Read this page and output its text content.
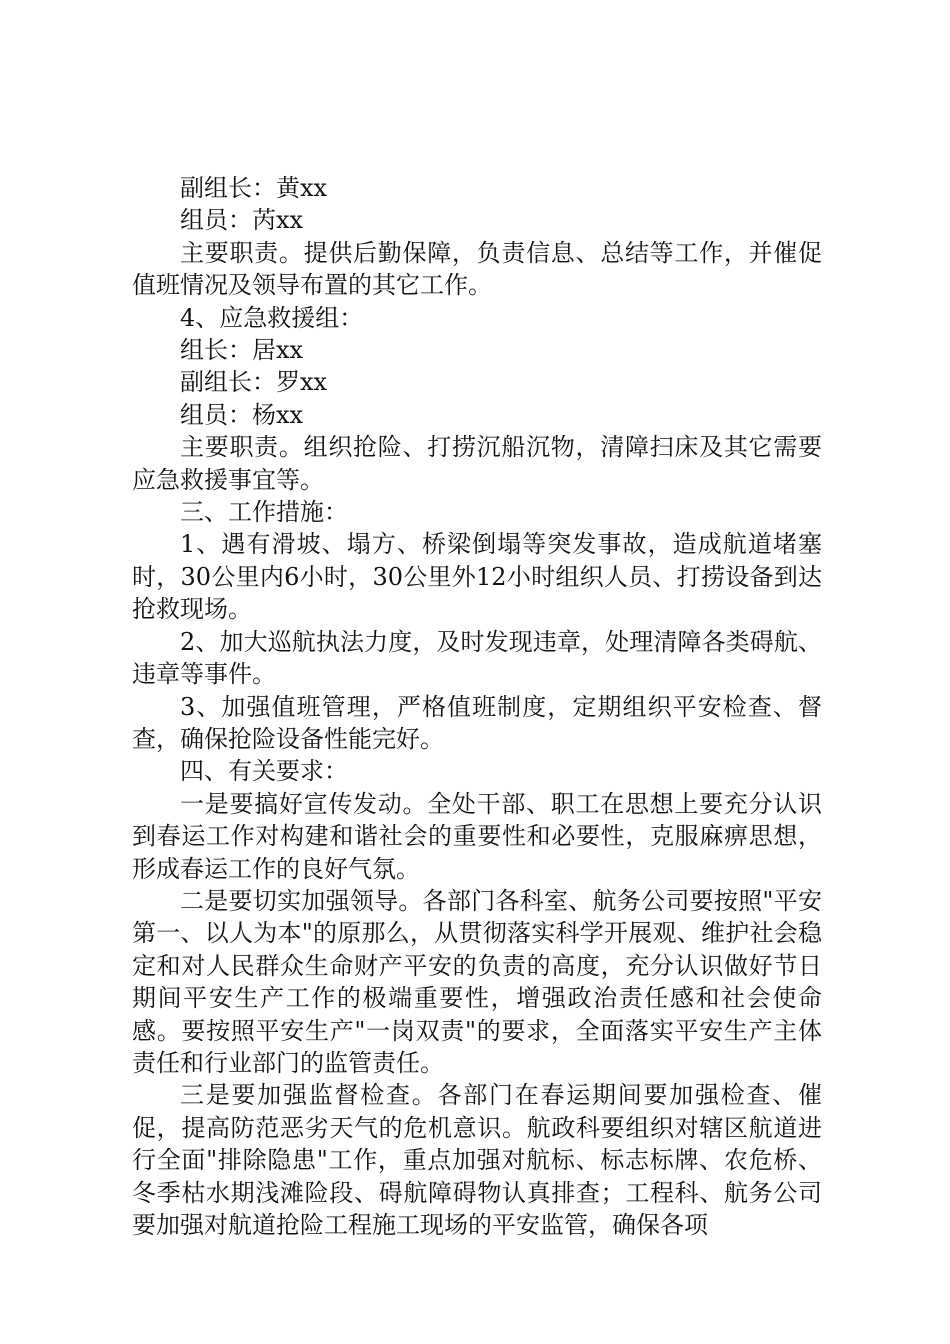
副组长：黄xx

组员：芮xx

主要职责。提供后勤保障，负责信息、总结等工作，并催促值班情况及领导布置的其它工作。

4、应急救援组：

组长：居xx

副组长：罗xx

组员：杨xx

主要职责。组织抢险、打捞沉船沉物，清障扫床及其它需要应急救援事宜等。

三、工作措施：

1、遇有滑坡、塌方、桥梁倒塌等突发事故，造成航道堵塞时，30公里内6小时，30公里外12小时组织人员、打捞设备到达抢救现场。

2、加大巡航执法力度，及时发现违章，处理清障各类碍航、违章等事件。

3、加强值班管理，严格值班制度，定期组织平安检查、督查，确保抢险设备性能完好。

四、有关要求：

一是要搞好宣传发动。全处干部、职工在思想上要充分认识到春运工作对构建和谐社会的重要性和必要性，克服麻痹思想，形成春运工作的良好气氛。

二是要切实加强领导。各部门各科室、航务公司要按照"平安第一、以人为本"的原那么，从贯彻落实科学开展观、维护社会稳定和对人民群众生命财产平安的负责的高度，充分认识做好节日期间平安生产工作的极端重要性，增强政治责任感和社会使命感。要按照平安生产"一岗双责"的要求，全面落实平安生产主体责任和行业部门的监管责任。

三是要加强监督检查。各部门在春运期间要加强检查、催促，提高防范恶劣天气的危机意识。航政科要组织对辖区航道进行全面"排除隐患"工作，重点加强对航标、标志标牌、农危桥、冬季枯水期浅滩险段、碍航障碍物认真排查；工程科、航务公司要加强对航道抢险工程施工现场的平安监管，确保各项
